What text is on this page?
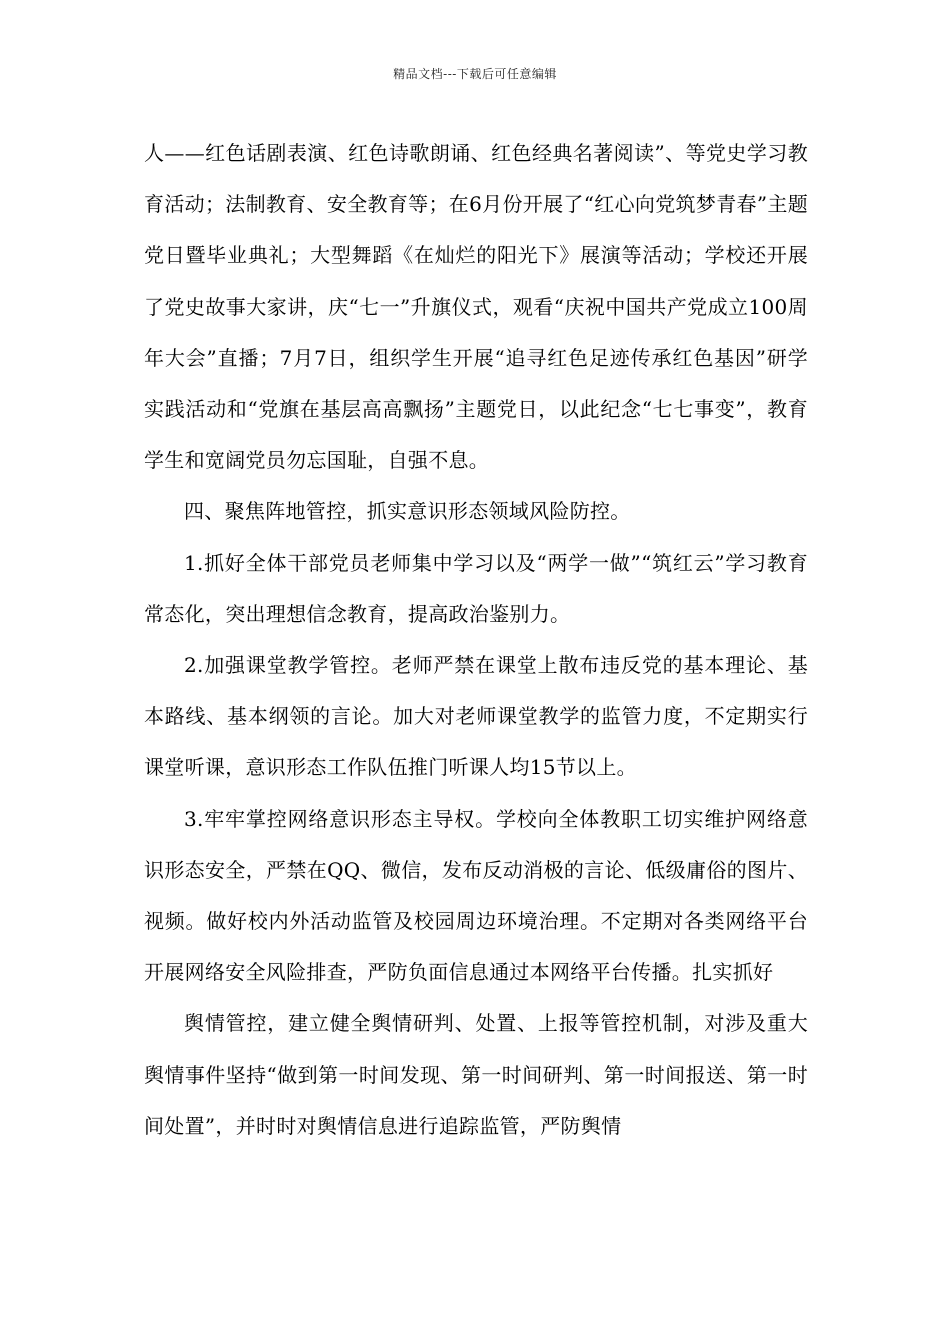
精品文档---下载后可任意编辑

人——红色话剧表演、红色诗歌朗诵、红色经典名著阅读”、等党史学习教育活动；法制教育、安全教育等；在6月份开展了“红心向党筑梦青春”主题党日暨毕业典礼；大型舞蹈《在灿烂的阳光下》展演等活动；学校还开展了党史故事大家讲，庆“七一”升旗仪式，观看“庆祝中国共产党成立100周年大会”直播；7月7日，组织学生开展“追寻红色足迹传承红色基因”研学实践活动和“党旗在基层高高飘扬”主题党日，以此纪念“七七事变”，教育学生和宽阔党员勿忘国耻，自强不息。

四、聚焦阵地管控，抓实意识形态领域风险防控。

1.抓好全体干部党员老师集中学习以及“两学一做”“筑红云”学习教育常态化，突出理想信念教育，提高政治鉴别力。

2.加强课堂教学管控。老师严禁在课堂上散布违反党的基本理论、基本路线、基本纲领的言论。加大对老师课堂教学的监管力度，不定期实行课堂听课，意识形态工作队伍推门听课人均15节以上。

3.牢牢掌控网络意识形态主导权。学校向全体教职工切实维护网络意识形态安全，严禁在QQ、微信，发布反动消极的言论、低级庸俗的图片、视频。做好校内外活动监管及校园周边环境治理。不定期对各类网络平台开展网络安全风险排查，严防负面信息通过本网络平台传播。扎实抓好

舆情管控，建立健全舆情研判、处置、上报等管控机制，对涉及重大舆情事件坚持“做到第一时间发现、第一时间研判、第一时间报送、第一时间处置”，并时时对舆情信息进行追踪监管，严防舆情
